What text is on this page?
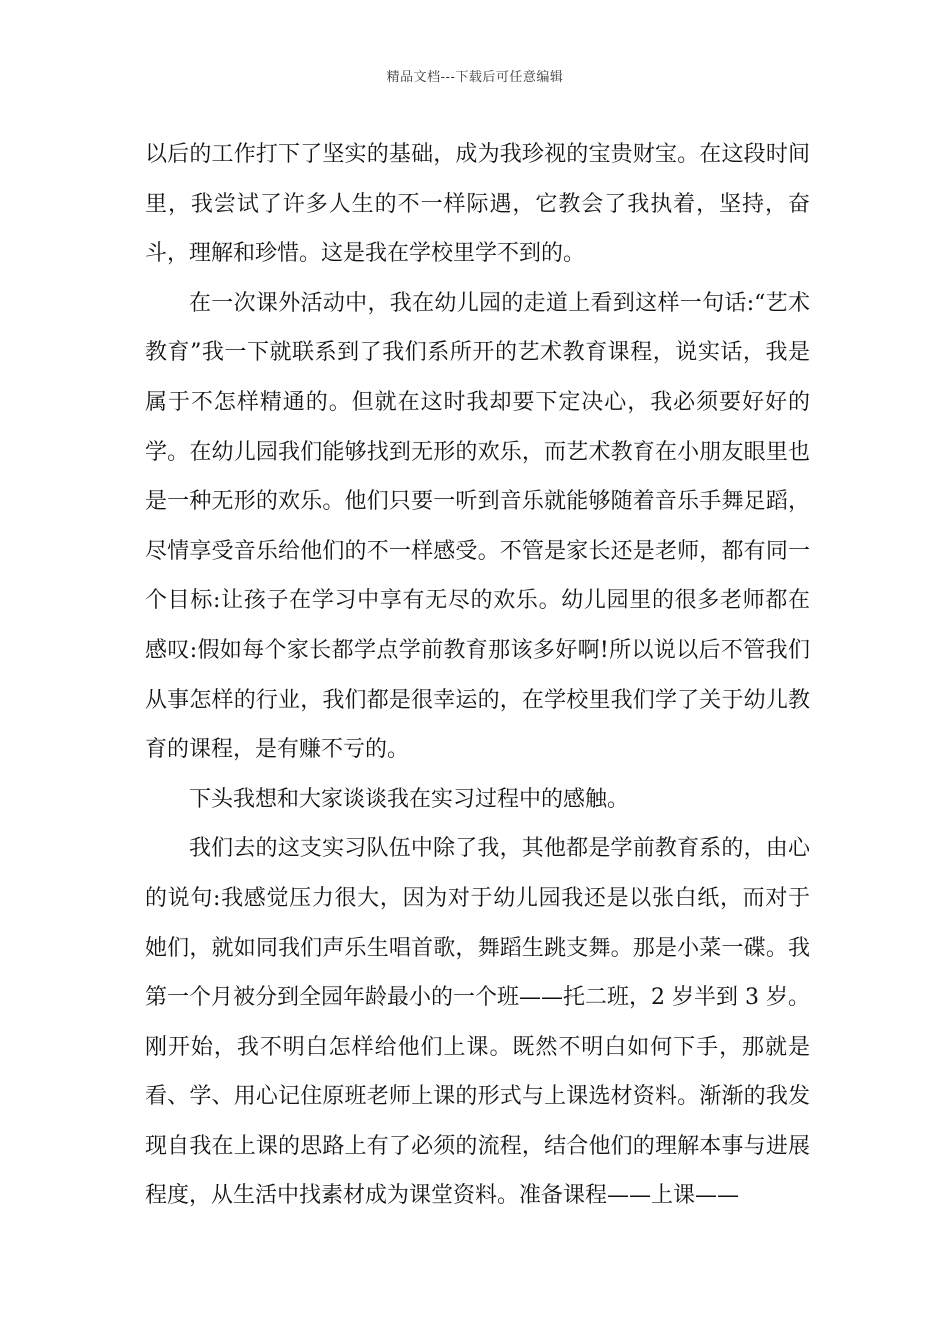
精品文档---下载后可任意编辑

以后的工作打下了坚实的基础，成为我珍视的宝贵财宝。在这段时间里，我尝试了许多人生的不一样际遇，它教会了我执着，坚持，奋斗，理解和珍惜。这是我在学校里学不到的。

在一次课外活动中，我在幼儿园的走道上看到这样一句话:“艺术教育”我一下就联系到了我们系所开的艺术教育课程，说实话，我是属于不怎样精通的。但就在这时我却要下定决心，我必须要好好的学。在幼儿园我们能够找到无形的欢乐，而艺术教育在小朋友眼里也是一种无形的欢乐。他们只要一听到音乐就能够随着音乐手舞足蹈，尽情享受音乐给他们的不一样感受。不管是家长还是老师，都有同一个目标:让孩子在学习中享有无尽的欢乐。幼儿园里的很多老师都在感叹:假如每个家长都学点学前教育那该多好啊!所以说以后不管我们从事怎样的行业，我们都是很幸运的，在学校里我们学了关于幼儿教育的课程，是有赚不亏的。

下头我想和大家谈谈我在实习过程中的感触。

我们去的这支实习队伍中除了我，其他都是学前教育系的，由心的说句:我感觉压力很大，因为对于幼儿园我还是以张白纸，而对于她们，就如同我们声乐生唱首歌，舞蹈生跳支舞。那是小菜一碟。我第一个月被分到全园年龄最小的一个班——托二班，2 岁半到 3 岁。刚开始，我不明白怎样给他们上课。既然不明白如何下手，那就是看、学、用心记住原班老师上课的形式与上课选材资料。渐渐的我发现自我在上课的思路上有了必须的流程，结合他们的理解本事与进展程度，从生活中找素材成为课堂资料。准备课程——上课——
